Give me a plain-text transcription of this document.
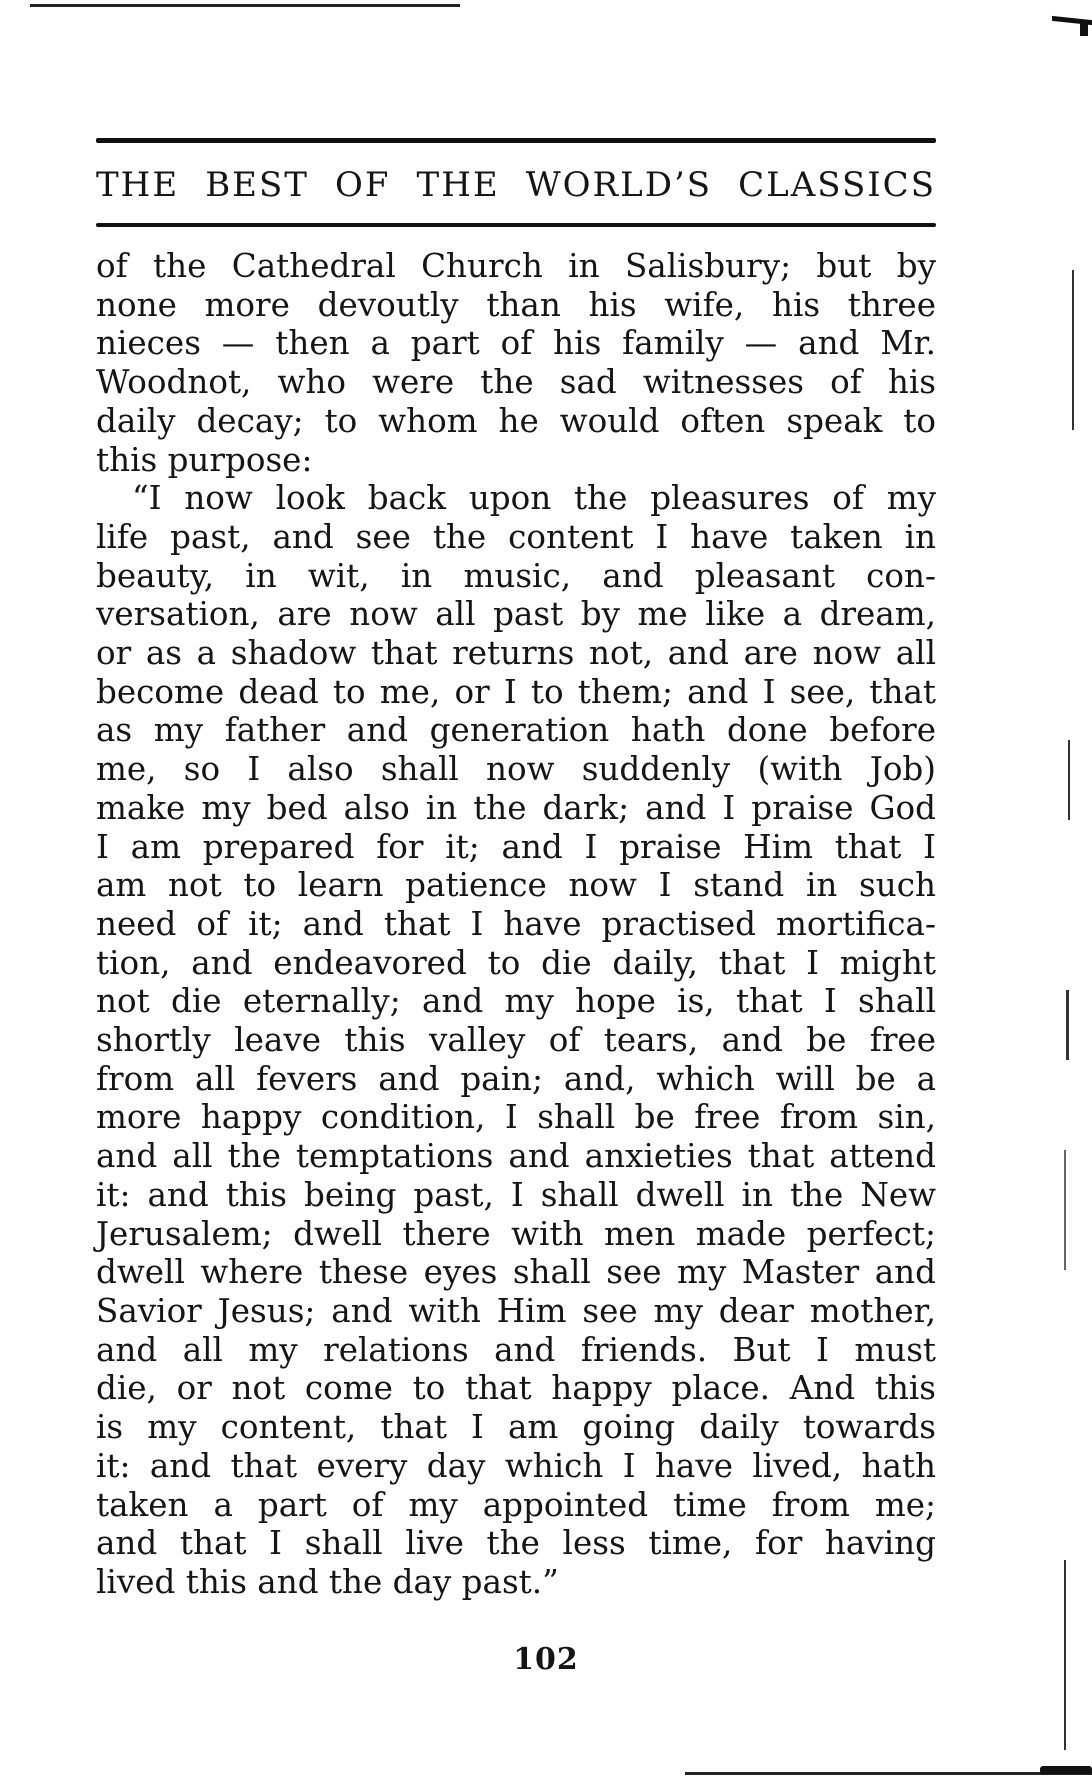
THE BEST OF THE WORLD’S CLASSICS
of the Cathedral Church in Salisbury; but by
none more devoutly than his wife, his three
nieces — then a part of his family — and Mr.
Woodnot, who were the sad witnesses of his
daily decay; to whom he would often speak to
this purpose:
“I now look back upon the pleasures of my
life past, and see the content I have taken in
beauty, in wit, in music, and pleasant con-
versation, are now all past by me like a dream,
or as a shadow that returns not, and are now all
become dead to me, or I to them; and I see, that
as my father and generation hath done before
me, so I also shall now suddenly (with Job)
make my bed also in the dark; and I praise God
I am prepared for it; and I praise Him that I
am not to learn patience now I stand in such
need of it; and that I have practised mortifica-
tion, and endeavored to die daily, that I might
not die eternally; and my hope is, that I shall
shortly leave this valley of tears, and be free
from all fevers and pain; and, which will be a
more happy condition, I shall be free from sin,
and all the temptations and anxieties that attend
it: and this being past, I shall dwell in the New
Jerusalem; dwell there with men made perfect;
dwell where these eyes shall see my Master and
Savior Jesus; and with Him see my dear mother,
and all my relations and friends. But I must
die, or not come to that happy place. And this
is my content, that I am going daily towards
it: and that every day which I have lived, hath
taken a part of my appointed time from me;
and that I shall live the less time, for having
lived this and the day past.”
102
